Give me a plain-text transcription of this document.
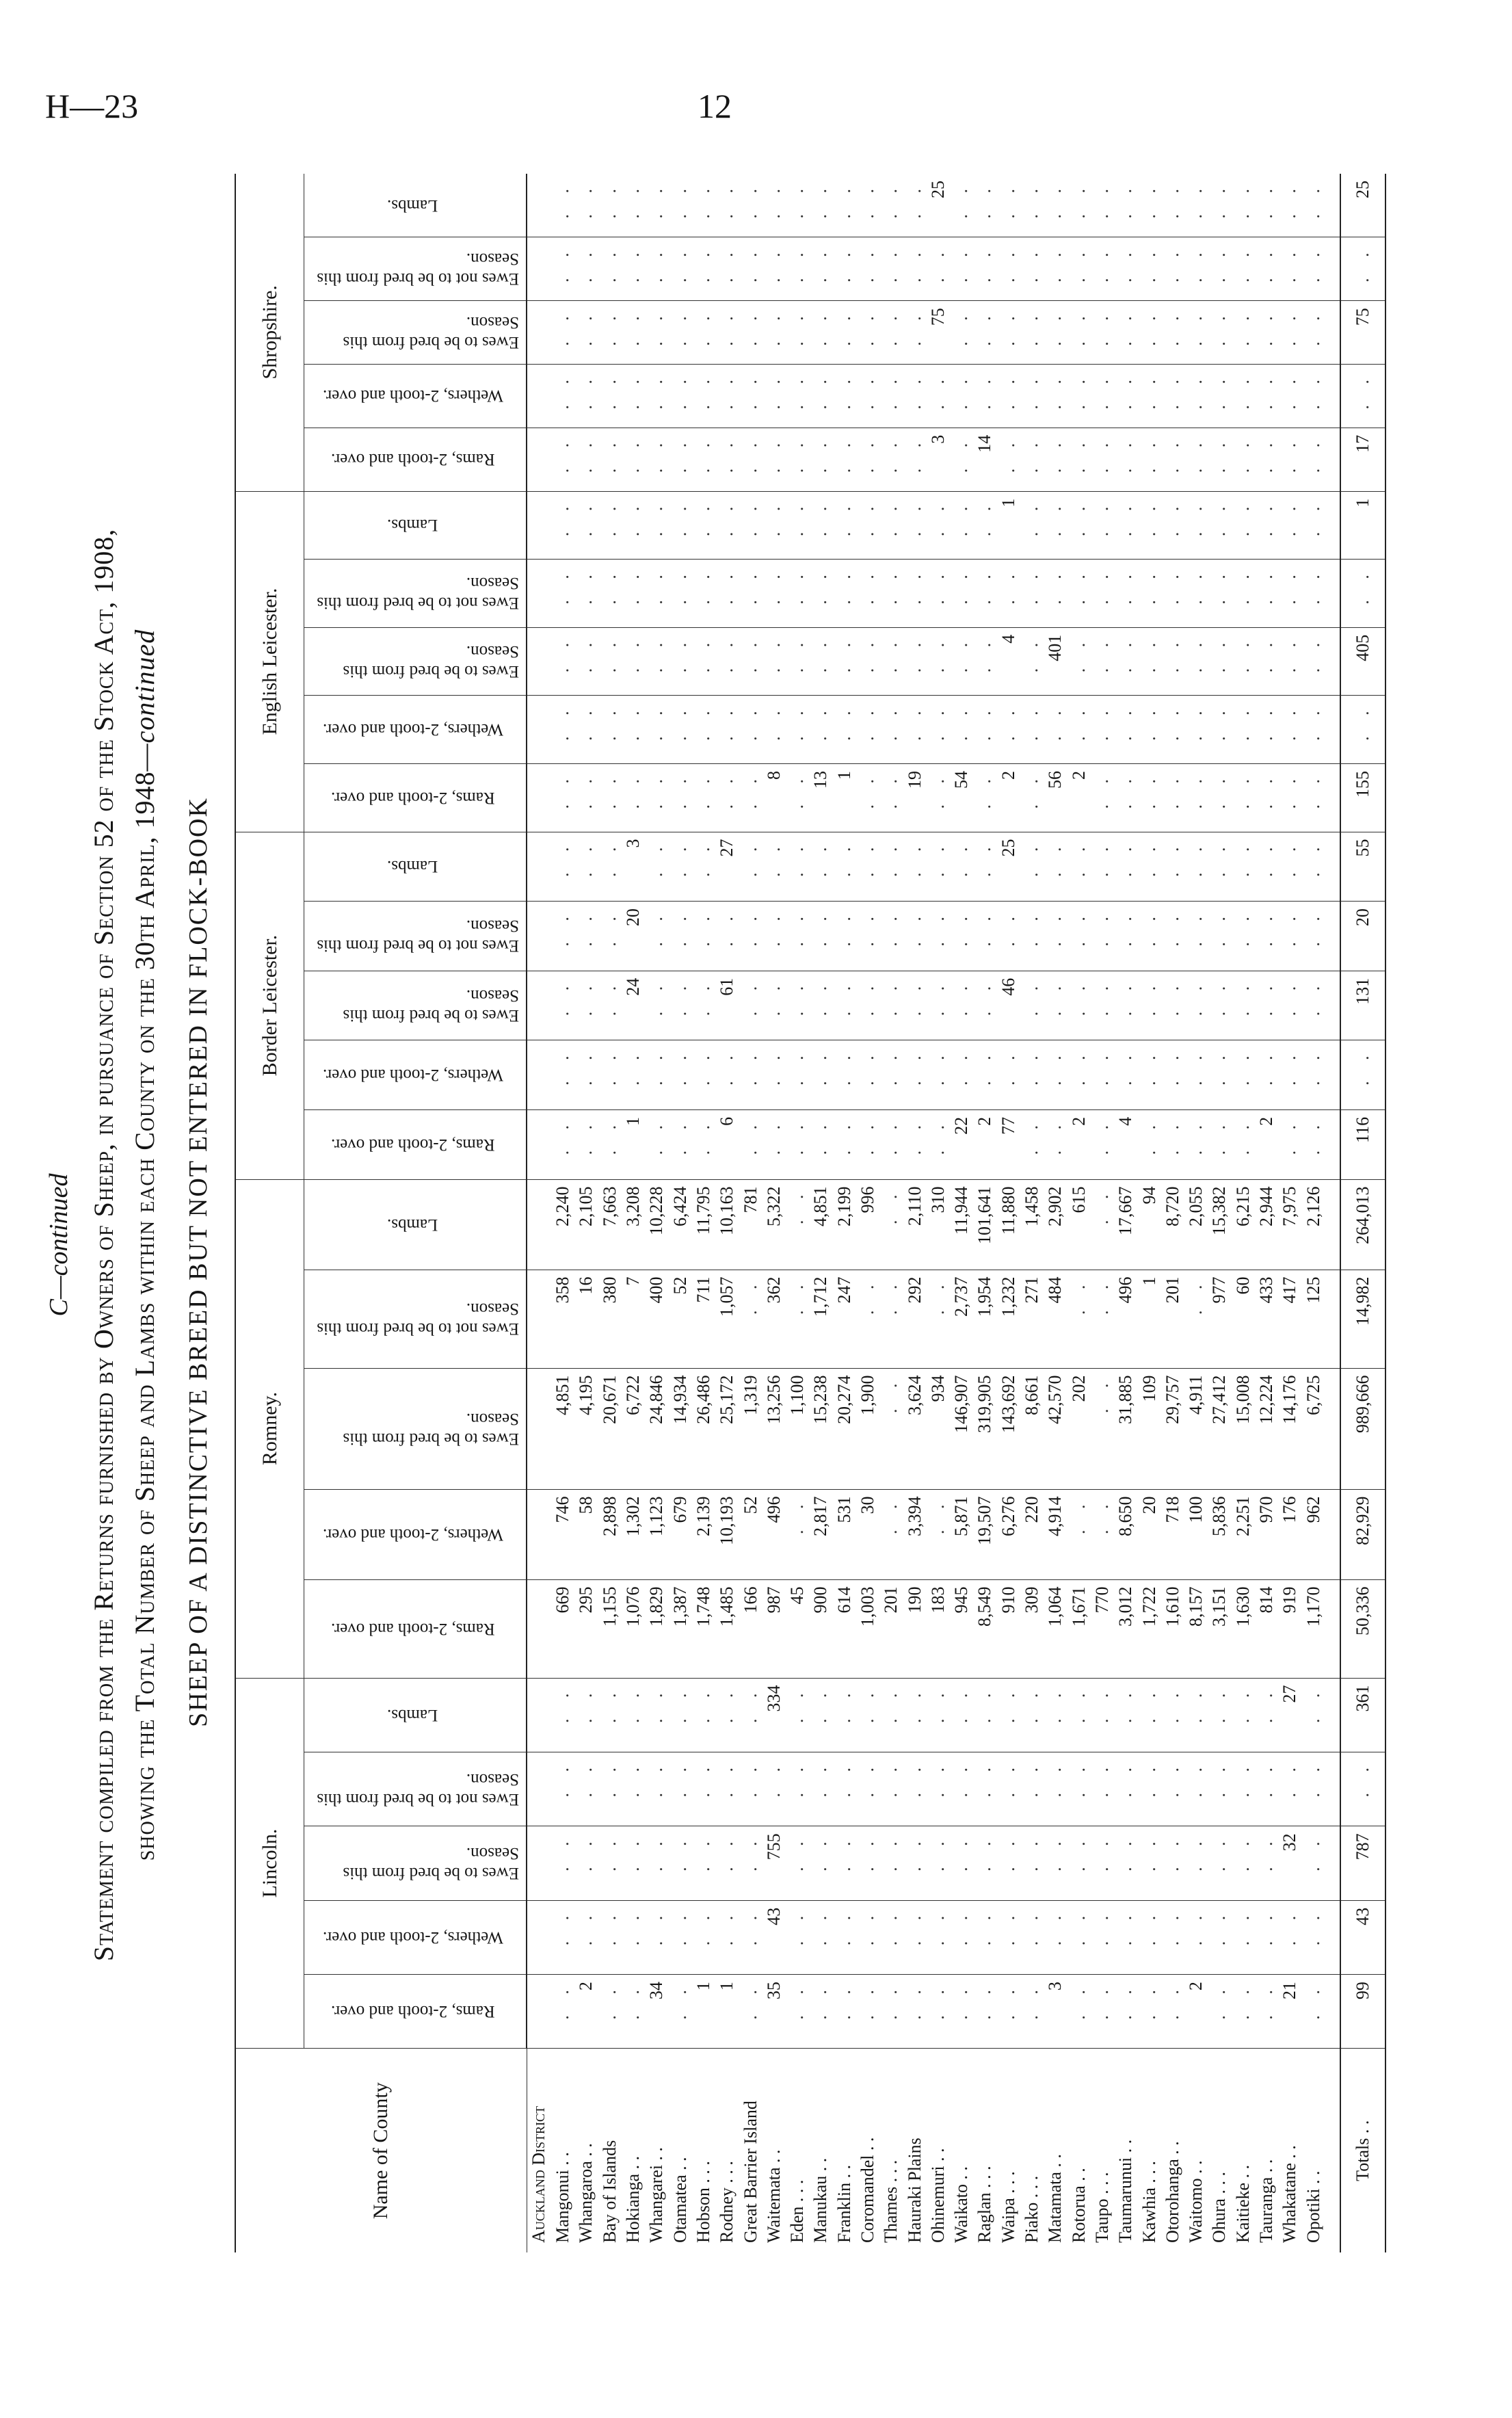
H—23	12
C—continued Statement compiled from the Returns furnished by Owners of Sheep, in pursuance of Section 52 of the Stock Act, 1908, showing the Total Number of Sheep and Lambs within each County on the 30th April, 1948—continued
SHEEP OF A DISTINCTIVE BREED BUT NOT ENTERED IN FLOCK-BOOK
Name of County	Lincoln.					Romney.					Border Leicester.					English Leicester.					Shropshire.				
	Rams, 2-tooth and over.	Wethers, 2-tooth and over.	Ewes to be bred from this Season.	Ewes not to be bred from this Season.	Lambs.	Rams, 2-tooth and over.	Wethers, 2-tooth and over.	Ewes to be bred from this Season.	Ewes not to be bred from this Season.	Lambs.	Rams, 2-tooth and over.	Wethers, 2-tooth and over.	Ewes to be bred from this Season.	Ewes not to be bred from this Season.	Lambs.	Rams, 2-tooth and over.	Wethers, 2-tooth and over.	Ewes to be bred from this Season.	Ewes not to be bred from this Season.	Lambs.	Rams, 2-tooth and over.	Wethers, 2-tooth and over.	Ewes to be bred from this Season.	Ewes not to be bred from this Season.	Lambs.
Auckland District																									
Mangonui . .	. .	. .	. .	. .	. .	669	746	4,851	358	2,240	. .	. .	. .	. .	. .	. .	. .	. .	. .	. .	. .	. .	. .	. .	. .
Whangaroa . .	2	. .	. .	. .	. .	295	58	4,195	16	2,105	. .	. .	. .	. .	. .	. .	. .	. .	. .	. .	. .	. .	. .	. .	. .
Bay of Islands	. .	. .	. .	. .	. .	1,155	2,898	20,671	380	7,663	. .	. .	. .	. .	. .	. .	. .	. .	. .	. .	. .	. .	. .	. .	. .
Hokianga . .	. .	. .	. .	. .	. .	1,076	1,302	6,722	7	3,208	1	. .	24	20	3	. .	. .	. .	. .	. .	. .	. .	. .	. .	. .
Whangarei . .	34	. .	. .	. .	. .	1,829	1,123	24,846	400	10,228	. .	. .	. .	. .	. .	. .	. .	. .	. .	. .	. .	. .	. .	. .	. .
Otamatea . .	. .	. .	. .	. .	. .	1,387	679	14,934	52	6,424	. .	. .	. .	. .	. .	. .	. .	. .	. .	. .	. .	. .	. .	. .	. .
Hobson . . .	1	. .	. .	. .	. .	1,748	2,139	26,486	711	11,795	. .	. .	. .	. .	. .	. .	. .	. .	. .	. .	. .	. .	. .	. .	. .
Rodney . . .	1	. .	. .	. .	. .	1,485	10,193	25,172	1,057	10,163	6	. .	61	. .	27	. .	. .	. .	. .	. .	. .	. .	. .	. .	. .
Great Barrier Island	. .	. .	. .	. .	. .	166	52	1,319	. .	781	. .	. .	. .	. .	. .	. .	. .	. .	. .	. .	. .	. .	. .	. .	. .
Waitemata . .	35	43	755	. .	334	987	496	13,256	362	5,322	. .	. .	. .	. .	. .	8	. .	. .	. .	. .	. .	. .	. .	. .	. .
Eden . . .	. .	. .	. .	. .	. .	45	. .	1,100	. .	. .	. .	. .	. .	. .	. .	. .	. .	. .	. .	. .	. .	. .	. .	. .	. .
Manukau . .	. .	. .	. .	. .	. .	900	2,817	15,238	1,712	4,851	. .	. .	. .	. .	. .	13	. .	. .	. .	. .	. .	. .	. .	. .	. .
Franklin . .	. .	. .	. .	. .	. .	614	531	20,274	247	2,199	. .	. .	. .	. .	. .	1	. .	. .	. .	. .	. .	. .	. .	. .	. .
Coromandel . .	. .	. .	. .	. .	. .	1,003	30	1,900	. .	996	. .	. .	. .	. .	. .	. .	. .	. .	. .	. .	. .	. .	. .	. .	. .
Thames . . .	. .	. .	. .	. .	. .	201	. .	. .	. .	. .	. .	. .	. .	. .	. .	. .	. .	. .	. .	. .	. .	. .	. .	. .	. .
Hauraki Plains	. .	. .	. .	. .	. .	190	3,394	3,624	292	2,110	. .	. .	. .	. .	. .	19	. .	. .	. .	. .	. .	. .	. .	. .	. .
Ohinemuri . .	. .	. .	. .	. .	. .	183	. .	934	. .	310	. .	. .	. .	. .	. .	. .	. .	. .	. .	. .	3	. .	75	. .	25
Waikato . .	. .	. .	. .	. .	. .	945	5,871	146,907	2,737	11,944	22	. .	. .	. .	. .	54	. .	. .	. .	. .	. .	. .	. .	. .	. .
Raglan . . .	. .	. .	. .	. .	. .	8,549	19,507	319,905	1,954	101,641	2	. .	. .	. .	. .	. .	. .	. .	. .	. .	14	. .	. .	. .	. .
Waipa . . .	. .	. .	. .	. .	. .	910	6,276	143,692	1,232	11,880	77	. .	46	. .	25	2	. .	4	. .	1	. .	. .	. .	. .	. .
Piako . . .	. .	. .	. .	. .	. .	309	220	8,661	271	1,458	. .	. .	. .	. .	. .	. .	. .	. .	. .	. .	. .	. .	. .	. .	. .
Matamata . .	3	. .	. .	. .	. .	1,064	4,914	42,570	484	2,902	. .	. .	. .	. .	. .	56	. .	401	. .	. .	. .	. .	. .	. .	. .
Rotorua . .	. .	. .	. .	. .	. .	1,671	. .	202	. .	615	2	. .	. .	. .	. .	2	. .	. .	. .	. .	. .	. .	. .	. .	. .
Taupo . . .	. .	. .	. .	. .	. .	770	. .	. .	. .	. .	. .	. .	. .	. .	. .	. .	. .	. .	. .	. .	. .	. .	. .	. .	. .
Taumarunui . .	. .	. .	. .	. .	. .	3,012	8,650	31,885	496	17,667	4	. .	. .	. .	. .	. .	. .	. .	. .	. .	. .	. .	. .	. .	. .
Kawhia . . .	. .	. .	. .	. .	. .	1,722	20	109	1	94	. .	. .	. .	. .	. .	. .	. .	. .	. .	. .	. .	. .	. .	. .	. .
Otorohanga . .	. .	. .	. .	. .	. .	1,610	718	29,757	201	8,720	. .	. .	. .	. .	. .	. .	. .	. .	. .	. .	. .	. .	. .	. .	. .
Waitomo . .	2	. .	. .	. .	. .	8,157	100	4,911	. .	2,055	. .	. .	. .	. .	. .	. .	. .	. .	. .	. .	. .	. .	. .	. .	. .
Ohura . . .	. .	. .	. .	. .	. .	3,151	5,836	27,412	977	15,382	. .	. .	. .	. .	. .	. .	. .	. .	. .	. .	. .	. .	. .	. .	. .
Kaitieke . .	. .	. .	. .	. .	. .	1,630	2,251	15,008	60	6,215	. .	. .	. .	. .	. .	. .	. .	. .	. .	. .	. .	. .	. .	. .	. .
Tauranga . .	. .	. .	. .	. .	. .	814	970	12,224	433	2,944	2	. .	. .	. .	. .	. .	. .	. .	. .	. .	. .	. .	. .	. .	. .
Whakatane . .	21	. .	32	. .	27	919	176	14,176	417	7,975	. .	. .	. .	. .	. .	. .	. .	. .	. .	. .	. .	. .	. .	. .	. .
Opotiki . .	. .	. .	. .	. .	. .	1,170	962	6,725	125	2,126	. .	. .	. .	. .	. .	. .	. .	. .	. .	. .	. .	. .	. .	. .	. .

Totals . .	99	43	787	. .	361	50,336	82,929	989,666	14,982	264,013	116	. .	131	20	55	155	. .	405	. .	1	17	. .	75	. .	25
